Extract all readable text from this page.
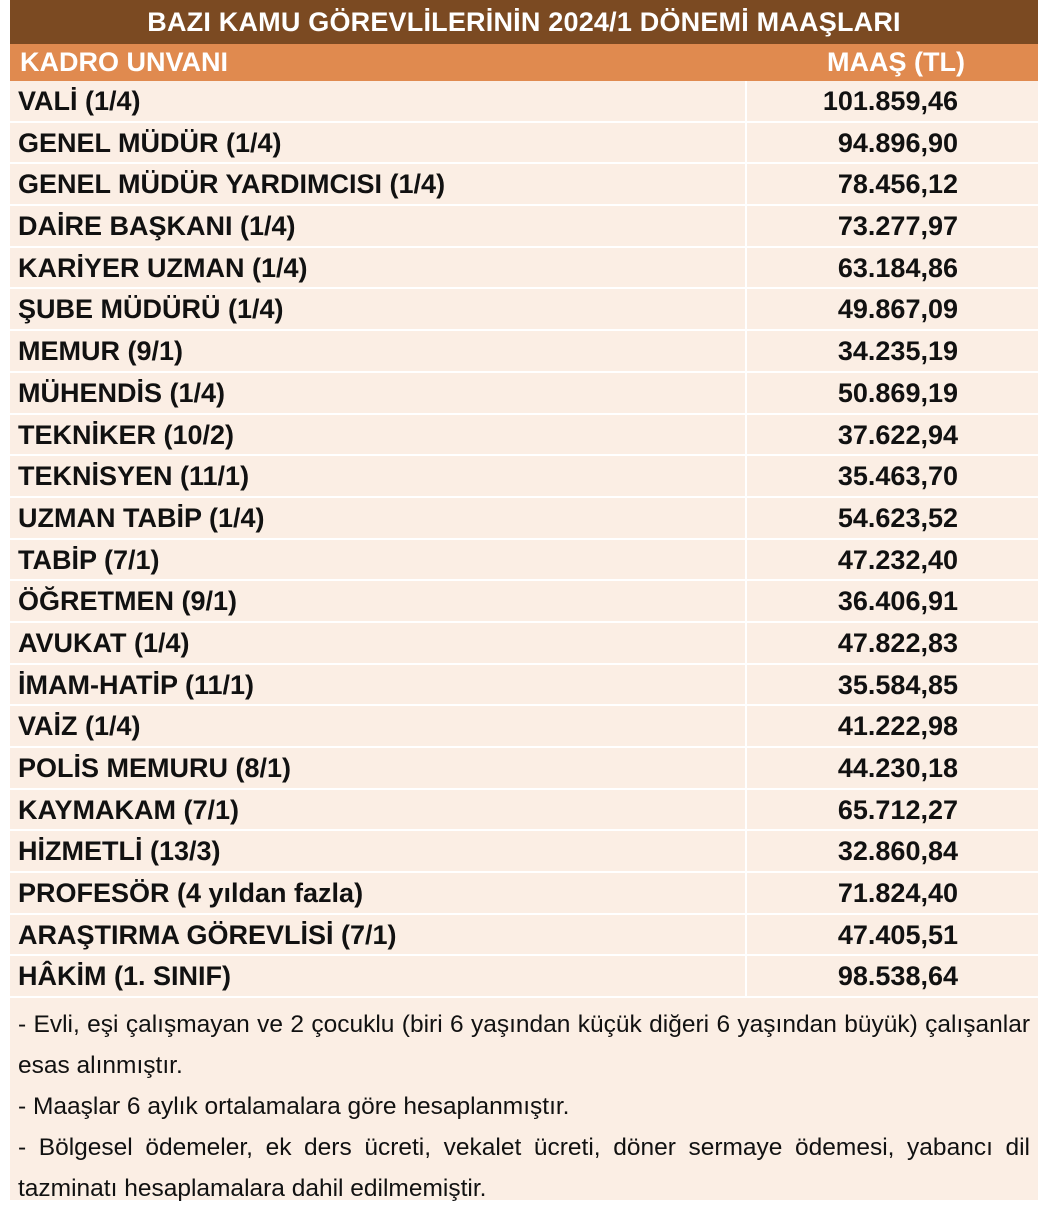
BAZI KAMU GÖREVLİLERİNİN 2024/1 DÖNEMİ MAAŞLARI
KADRO UNVANI	MAAŞ (TL)
VALİ (1/4)	101.859,46
GENEL MÜDÜR (1/4)	94.896,90
GENEL MÜDÜR YARDIMCISI (1/4)	78.456,12
DAİRE BAŞKANI (1/4)	73.277,97
KARİYER UZMAN (1/4)	63.184,86
ŞUBE MÜDÜRÜ (1/4)	49.867,09
MEMUR (9/1)	34.235,19
MÜHENDİS (1/4)	50.869,19
TEKNİKER (10/2)	37.622,94
TEKNİSYEN (11/1)	35.463,70
UZMAN TABİP (1/4)	54.623,52
TABİP (7/1)	47.232,40
ÖĞRETMEN (9/1)	36.406,91
AVUKAT (1/4)	47.822,83
İMAM-HATİP (11/1)	35.584,85
VAİZ (1/4)	41.222,98
POLİS MEMURU (8/1)	44.230,18
KAYMAKAM (7/1)	65.712,27
HİZMETLİ (13/3)	32.860,84
PROFESÖR (4 yıldan fazla)	71.824,40
ARAŞTIRMA GÖREVLİSİ (7/1)	47.405,51
HÂKİM (1. SINIF)	98.538,64

- Evli, eşi çalışmayan ve 2 çocuklu (biri 6 yaşından küçük diğeri 6 yaşından büyük) çalışanlar esas alınmıştır.

- Maaşlar 6 aylık ortalamalara göre hesaplanmıştır.

- Bölgesel ödemeler, ek ders ücreti, vekalet ücreti, döner sermaye ödemesi, yabancı dil tazminatı hesaplamalara dahil edilmemiştir.
